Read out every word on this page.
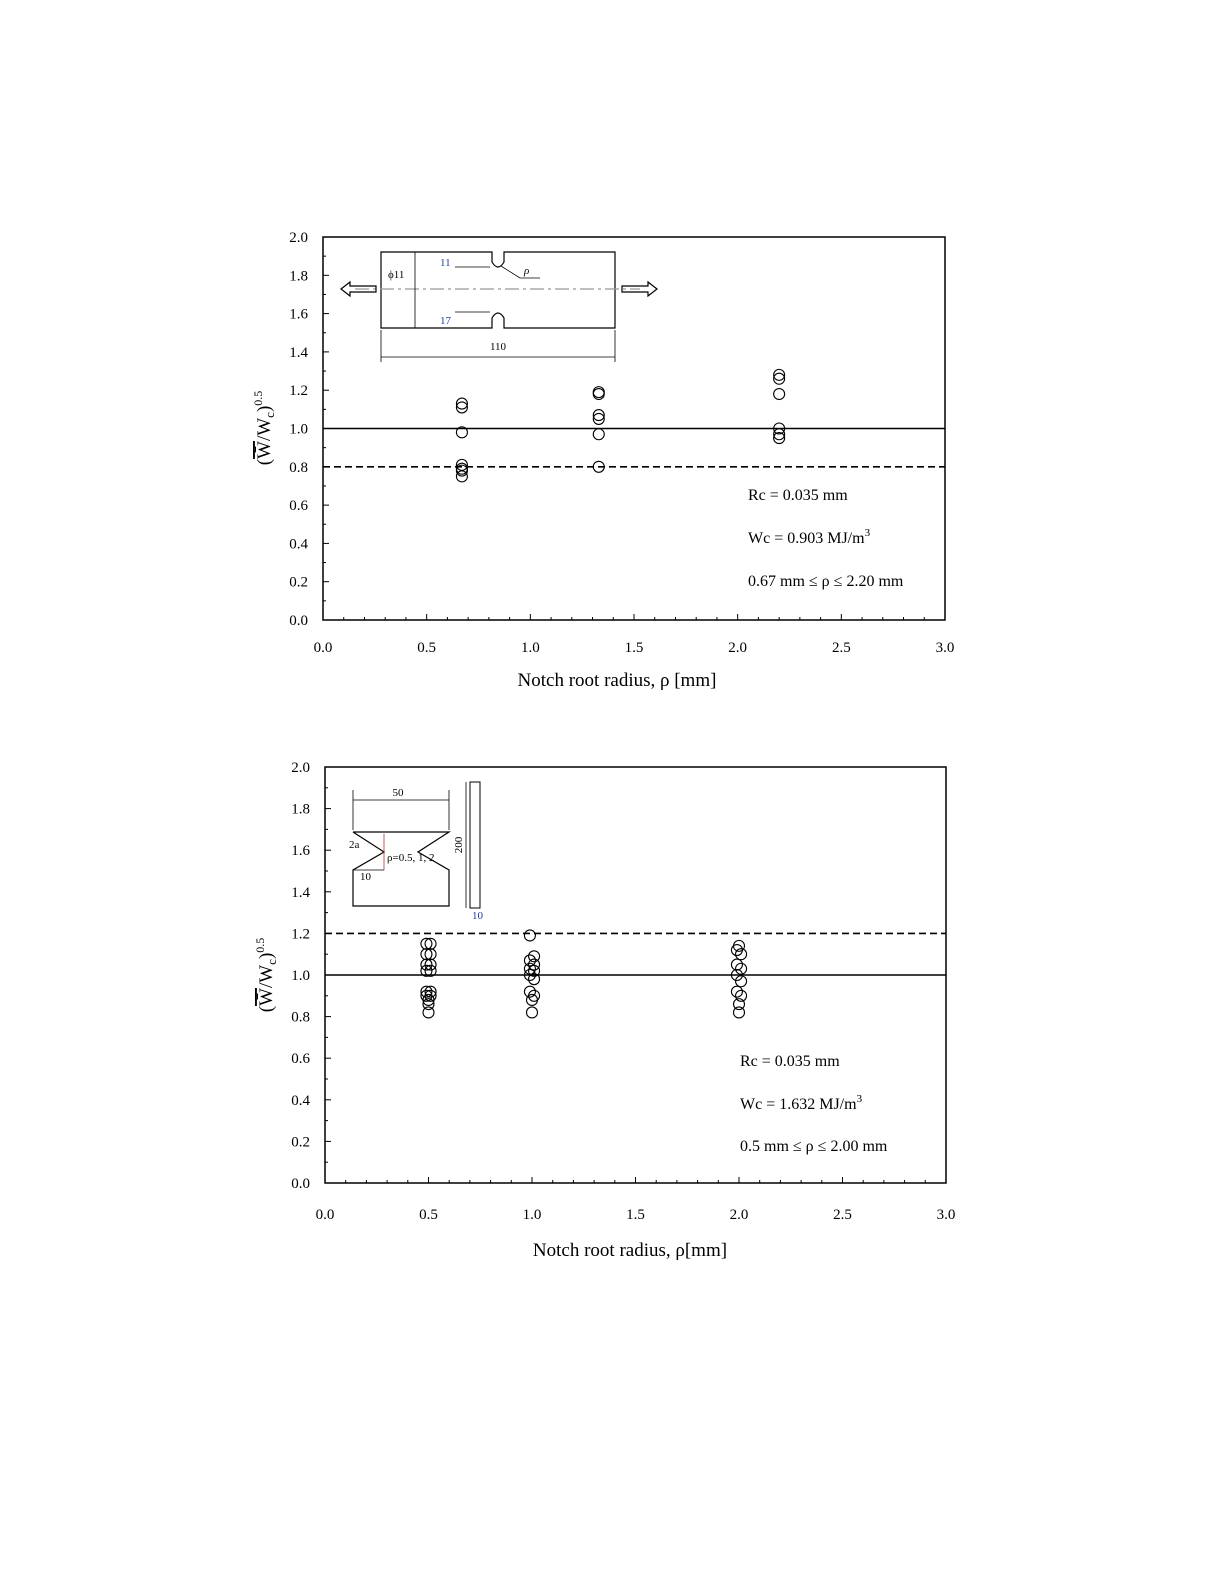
0.0
0.2
0.4
0.6
0.8
1.0
1.2
1.4
1.6
1.8
2.0
0.0	0.5	1.0	1.5	2.0	2.5	3.0
Notch root radius, ρ [mm]
$(W̄/W_c)^{0.5}$
Rc = 0.035 mm
Wc = 0.903 $MJ/m^3$
0.67 mm ≤ ρ ≤ 2.20 mm
ϕ11
11
17
ρ
110
0.0
0.2
0.4
0.6
0.8
1.0
1.2
1.4
1.6
1.8
2.0
0.0	0.5	1.0	1.5	2.0	2.5	3.0
Notch root radius, ρ[mm]
$(W̄/W_c)^{0.5}$
Rc = 0.035 mm
Wc = 1.632 $MJ/m^3$
0.5 mm ≤ ρ ≤ 2.00 mm
50
2a
10
ρ=0.5, 1, 2
200
10
